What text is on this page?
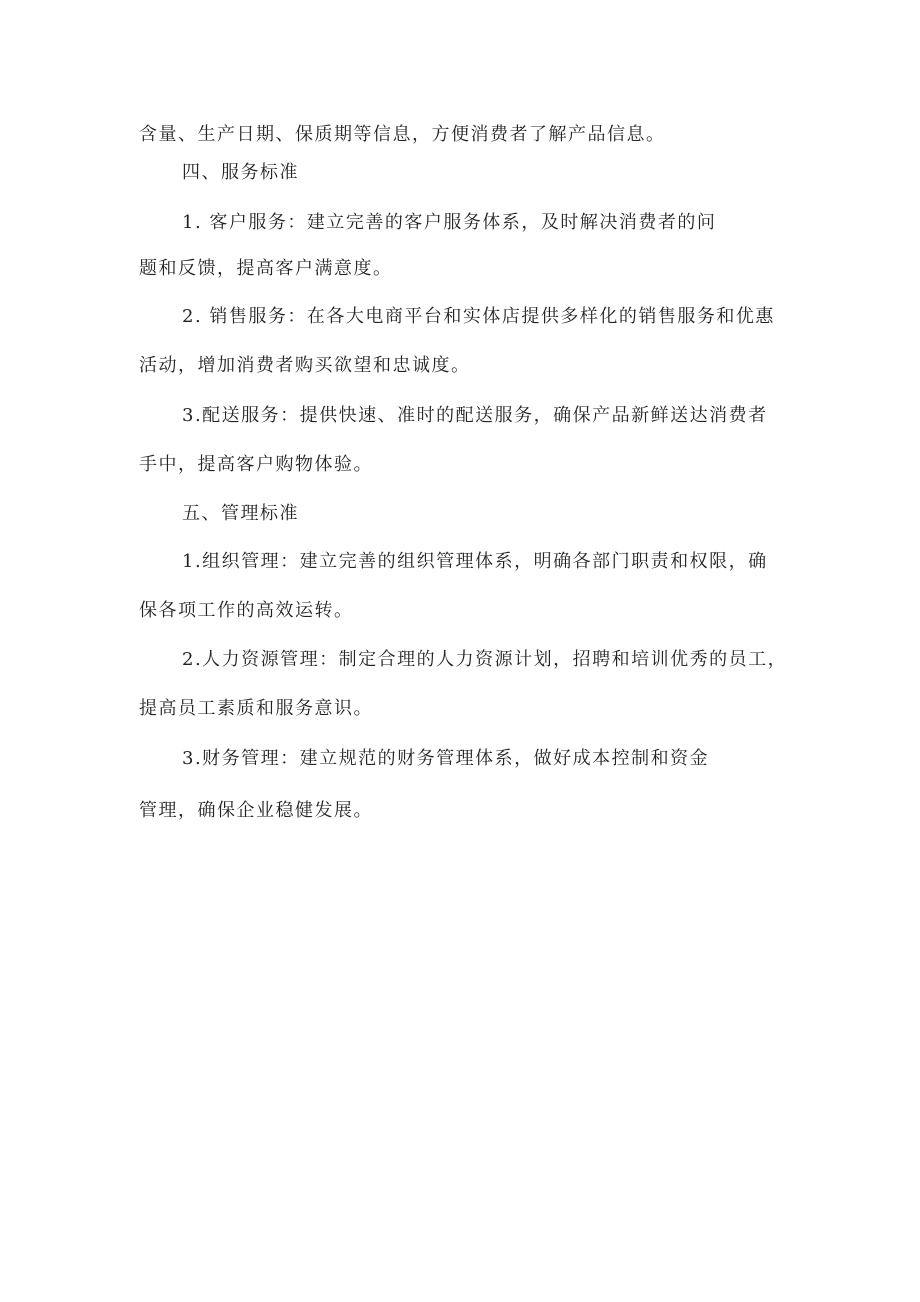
含量、生产日期、保质期等信息，方便消费者了解产品信息。
四、服务标准
1. 客户服务：建立完善的客户服务体系，及时解决消费者的问
题和反馈，提高客户满意度。
2. 销售服务：在各大电商平台和实体店提供多样化的销售服务和优惠
活动，增加消费者购买欲望和忠诚度。
3.配送服务：提供快速、准时的配送服务，确保产品新鲜送达消费者
手中，提高客户购物体验。
五、管理标准
1.组织管理：建立完善的组织管理体系，明确各部门职责和权限，确
保各项工作的高效运转。
2.人力资源管理：制定合理的人力资源计划，招聘和培训优秀的员工，
提高员工素质和服务意识。
3.财务管理：建立规范的财务管理体系，做好成本控制和资金
管理，确保企业稳健发展。
